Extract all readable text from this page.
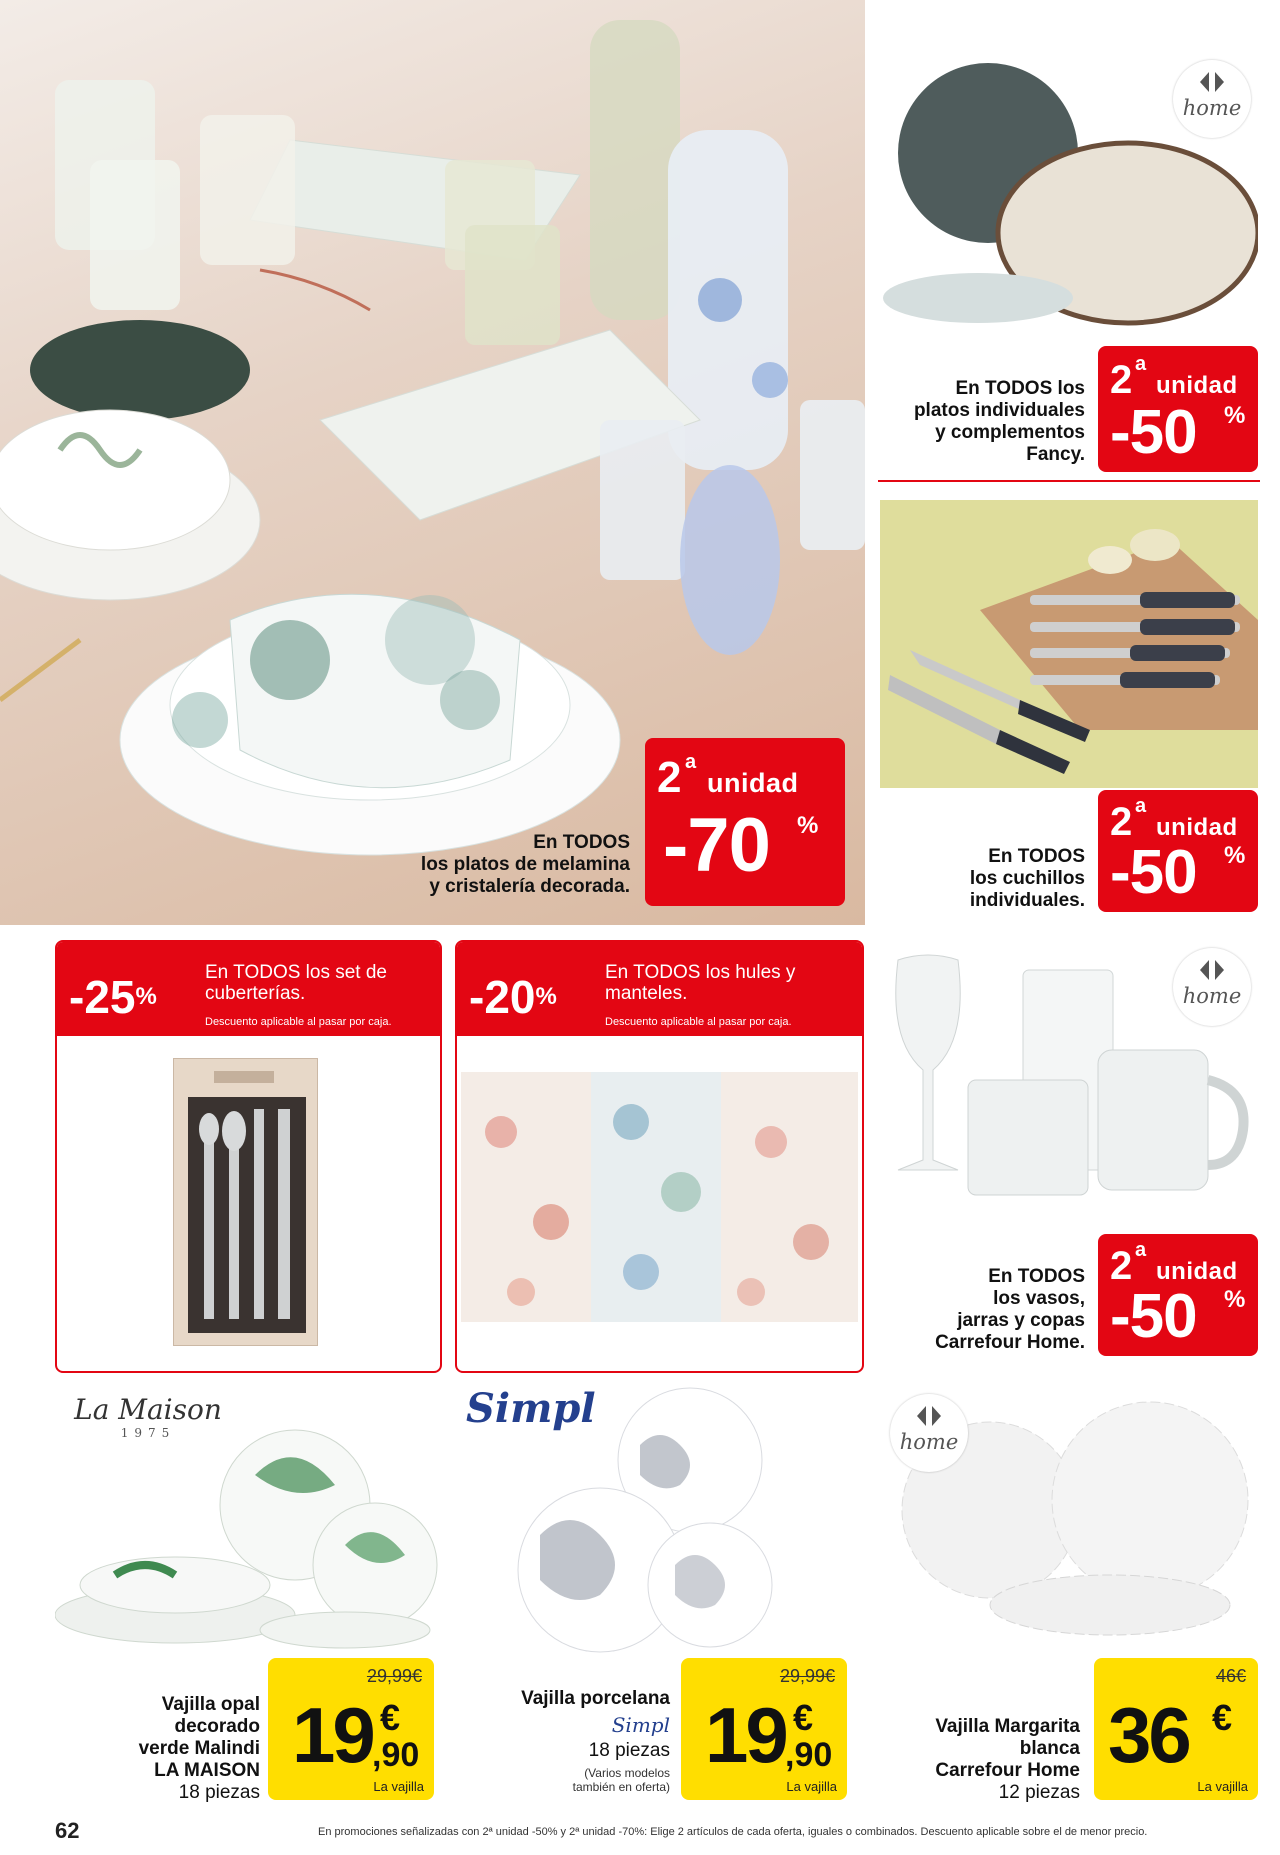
En TODOS
los platos de melamina
y cristalería decorada.
2 a
unidad
-70 %
home
En TODOS los
platos individuales
y complementos
Fancy.
2 a
unidad
-50 %
En TODOS
los cuchillos
individuales.
2 a
unidad
-50 %
-25%
En TODOS los set de
cuberterías.
Descuento aplicable al pasar por caja. -20%
En TODOS los hules y
manteles.
Descuento aplicable al pasar por caja.
home
En TODOS
los vasos,
jarras y copas
Carrefour Home.
2 a
unidad
-50 %
La Maison
1975
Vajilla opal
decorado
verde Malindi
LA MAISON
18 piezas
29,99€
19 €
,90
La vajilla
Simpl
Vajilla porcelana
Simpl
18 piezas
(Varios modelos
también en oferta)
29,99€
19 €
,90
La vajilla
home
Vajilla Margarita
blanca
Carrefour Home
12 piezas
46€
36 €
La vajilla
62	En promociones señalizadas con 2ª unidad -50% y 2ª unidad -70%: Elige 2 artículos de cada oferta, iguales o combinados. Descuento aplicable sobre el de menor precio.
